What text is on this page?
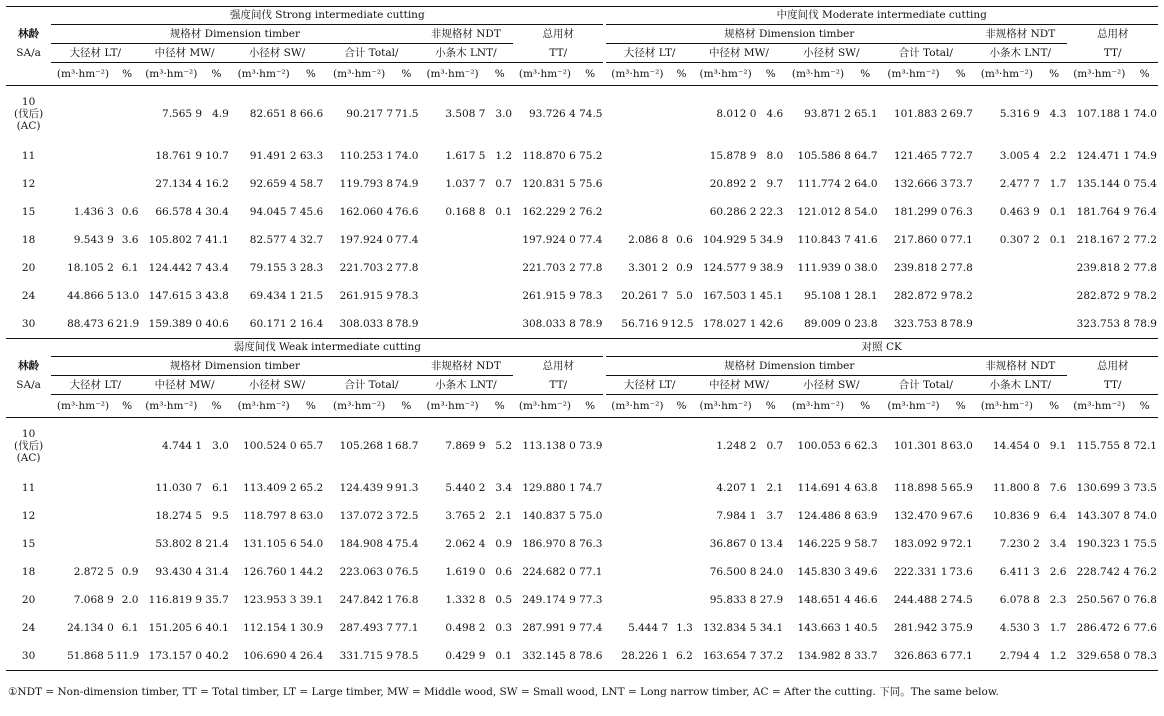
	强度间伐 Strong intermediate cutting													中度间伐 Moderate intermediate cutting											
林龄	规格材 Dimension timber								非规格材 NDT		总用材			规格材 Dimension timber								非规格材 NDT		总用材	
SA/a	大径材 LT/		中径材 MW/		小径材 SW/		合计 Total/		小条木 LNT/		TT/			大径材 LT/		中径材 MW/		小径材 SW/		合计 Total/		小条木 LNT/		TT/	
	(m³·hm⁻²)	%	(m³·hm⁻²)	%	(m³·hm⁻²)	%	(m³·hm⁻²)	%	(m³·hm⁻²)	%	(m³·hm⁻²)	%		(m³·hm⁻²)	%	(m³·hm⁻²)	%	(m³·hm⁻²)	%	(m³·hm⁻²)	%	(m³·hm⁻²)	%	(m³·hm⁻²)	%

10
(伐后)
(AC)			7.565 9	4.9	82.651 8	66.6	90.217 7	71.5	3.508 7	3.0	93.726 4	74.5				8.012 0	4.6	93.871 2	65.1	101.883 2	69.7	5.316 9	4.3	107.188 1	74.0

11			18.761 9	10.7	91.491 2	63.3	110.253 1	74.0	1.617 5	1.2	118.870 6	75.2				15.878 9	8.0	105.586 8	64.7	121.465 7	72.7	3.005 4	2.2	124.471 1	74.9

12			27.134 4	16.2	92.659 4	58.7	119.793 8	74.9	1.037 7	0.7	120.831 5	75.6				20.892 2	9.7	111.774 2	64.0	132.666 3	73.7	2.477 7	1.7	135.144 0	75.4

15	1.436 3	0.6	66.578 4	30.4	94.045 7	45.6	162.060 4	76.6	0.168 8	0.1	162.229 2	76.2				60.286 2	22.3	121.012 8	54.0	181.299 0	76.3	0.463 9	0.1	181.764 9	76.4

18	9.543 9	3.6	105.802 7	41.1	82.577 4	32.7	197.924 0	77.4			197.924 0	77.4		2.086 8	0.6	104.929 5	34.9	110.843 7	41.6	217.860 0	77.1	0.307 2	0.1	218.167 2	77.2

20	18.105 2	6.1	124.442 7	43.4	79.155 3	28.3	221.703 2	77.8			221.703 2	77.8		3.301 2	0.9	124.577 9	38.9	111.939 0	38.0	239.818 2	77.8			239.818 2	77.8

24	44.866 5	13.0	147.615 3	43.8	69.434 1	21.5	261.915 9	78.3			261.915 9	78.3		20.261 7	5.0	167.503 1	45.1	95.108 1	28.1	282.872 9	78.2			282.872 9	78.2

30	88.473 6	21.9	159.389 0	40.6	60.171 2	16.4	308.033 8	78.9			308.033 8	78.9		56.716 9	12.5	178.027 1	42.6	89.009 0	23.8	323.753 8	78.9			323.753 8	78.9
	弱度间伐 Weak intermediate cutting													对照 CK											
林龄	规格材 Dimension timber								非规格材 NDT		总用材			规格材 Dimension timber								非规格材 NDT		总用材	
SA/a	大径材 LT/		中径材 MW/		小径材 SW/		合计 Total/		小条木 LNT/		TT/			大径材 LT/		中径材 MW/		小径材 SW/		合计 Total/		小条木 LNT/		TT/	
	(m³·hm⁻²)	%	(m³·hm⁻²)	%	(m³·hm⁻²)	%	(m³·hm⁻²)	%	(m³·hm⁻²)	%	(m³·hm⁻²)	%		(m³·hm⁻²)	%	(m³·hm⁻²)	%	(m³·hm⁻²)	%	(m³·hm⁻²)	%	(m³·hm⁻²)	%	(m³·hm⁻²)	%

10
(伐后)
(AC)			4.744 1	3.0	100.524 0	65.7	105.268 1	68.7	7.869 9	5.2	113.138 0	73.9				1.248 2	0.7	100.053 6	62.3	101.301 8	63.0	14.454 0	9.1	115.755 8	72.1

11			11.030 7	6.1	113.409 2	65.2	124.439 9	91.3	5.440 2	3.4	129.880 1	74.7				4.207 1	2.1	114.691 4	63.8	118.898 5	65.9	11.800 8	7.6	130.699 3	73.5

12			18.274 5	9.5	118.797 8	63.0	137.072 3	72.5	3.765 2	2.1	140.837 5	75.0				7.984 1	3.7	124.486 8	63.9	132.470 9	67.6	10.836 9	6.4	143.307 8	74.0

15			53.802 8	21.4	131.105 6	54.0	184.908 4	75.4	2.062 4	0.9	186.970 8	76.3				36.867 0	13.4	146.225 9	58.7	183.092 9	72.1	7.230 2	3.4	190.323 1	75.5

18	2.872 5	0.9	93.430 4	31.4	126.760 1	44.2	223.063 0	76.5	1.619 0	0.6	224.682 0	77.1				76.500 8	24.0	145.830 3	49.6	222.331 1	73.6	6.411 3	2.6	228.742 4	76.2

20	7.068 9	2.0	116.819 9	35.7	123.953 3	39.1	247.842 1	76.8	1.332 8	0.5	249.174 9	77.3				95.833 8	27.9	148.651 4	46.6	244.488 2	74.5	6.078 8	2.3	250.567 0	76.8

24	24.134 0	6.1	151.205 6	40.1	112.154 1	30.9	287.493 7	77.1	0.498 2	0.3	287.991 9	77.4		5.444 7	1.3	132.834 5	34.1	143.663 1	40.5	281.942 3	75.9	4.530 3	1.7	286.472 6	77.6

30	51.868 5	11.9	173.157 0	40.2	106.690 4	26.4	331.715 9	78.5	0.429 9	0.1	332.145 8	78.6		28.226 1	6.2	163.654 7	37.2	134.982 8	33.7	326.863 6	77.1	2.794 4	1.2	329.658 0	78.3
①NDT = Non-dimension timber, TT = Total timber, LT = Large timber, MW = Middle wood, SW = Small wood, LNT = Long narrow timber, AC = After the cutting. 下同。The same below.
